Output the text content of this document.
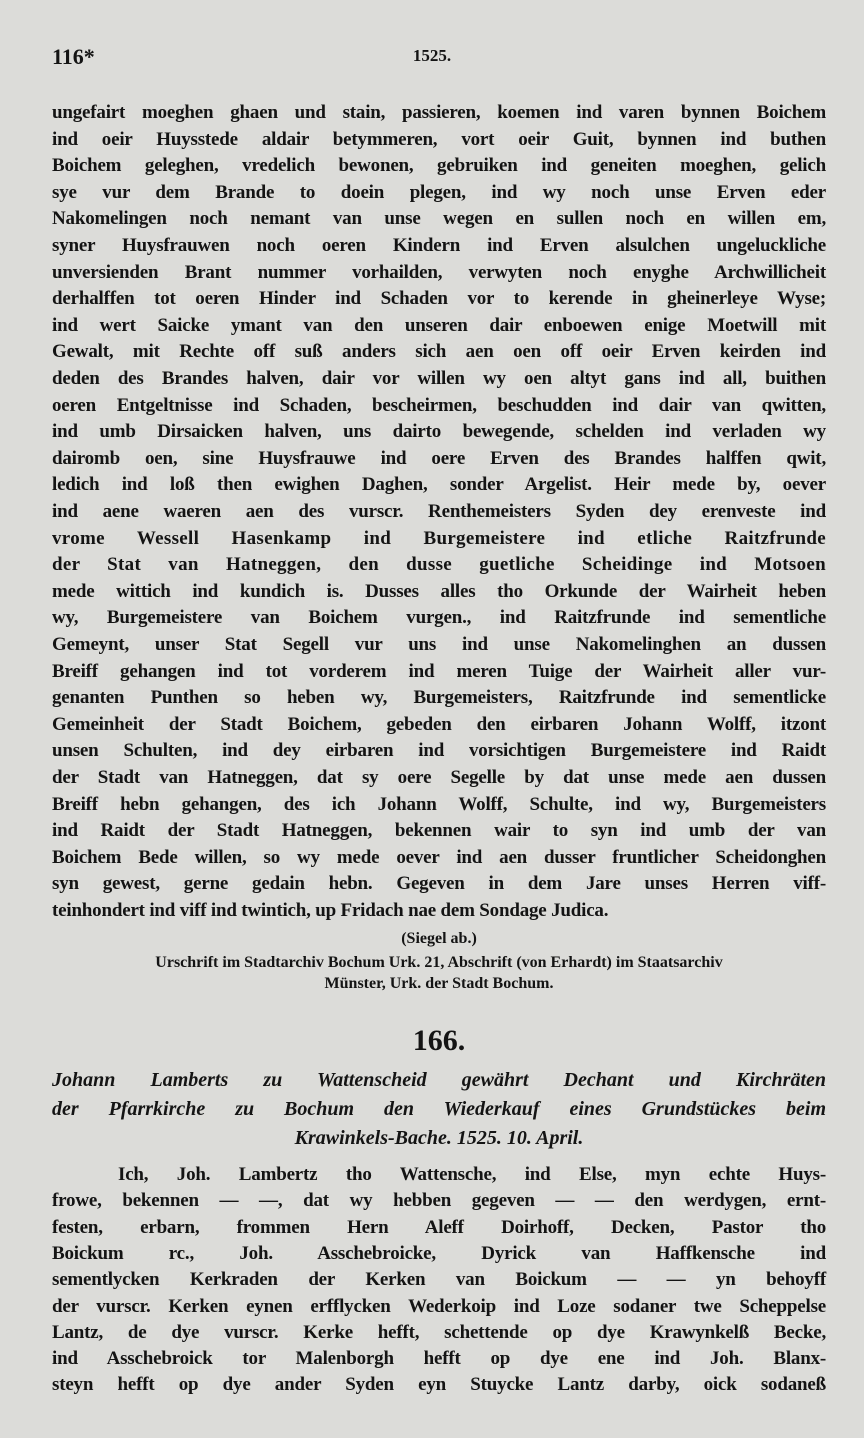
116*	1525.
ungefairt moeghen ghaen und stain, passieren, koemen ind varen bynnen Boichem
ind oeir Huysstede aldair betymmeren, vort oeir Guit, bynnen ind buthen
Boichem geleghen, vredelich bewonen, gebruiken ind geneiten moeghen, gelich
sye vur dem Brande to doein plegen, ind wy noch unse Erven eder
Nakomelingen noch nemant van unse wegen en sullen noch en willen em,
syner Huysfrauwen noch oeren Kindern ind Erven alsulchen ungeluckliche
unversienden Brant nummer vorhailden, verwyten noch enyghe Archwillicheit
derhalffen tot oeren Hinder ind Schaden vor to kerende in gheinerleye Wyse;
ind wert Saicke ymant van den unseren dair enboewen enige Moetwill mit
Gewalt, mit Rechte off suß anders sich aen oen off oeir Erven keirden ind
deden des Brandes halven, dair vor willen wy oen altyt gans ind all, buithen
oeren Entgeltnisse ind Schaden, bescheirmen, beschudden ind dair van qwitten,
ind umb Dirsaicken halven, uns dairto bewegende, schelden ind verladen wy
dairomb oen, sine Huysfrauwe ind oere Erven des Brandes halffen qwit,
ledich ind loß then ewighen Daghen, sonder Argelist. Heir mede by, oever
ind aene waeren aen des vurscr. Renthemeisters Syden dey erenveste ind
vrome Wessell Hasenkamp ind Burgemeistere ind etliche Raitzfrunde
der Stat van Hatneggen, den dusse guetliche Scheidinge ind Motsoen
mede wittich ind kundich is. Dusses alles tho Orkunde der Wairheit heben
wy, Burgemeistere van Boichem vurgen., ind Raitzfrunde ind sementliche
Gemeynt, unser Stat Segell vur uns ind unse Nakomelinghen an dussen
Breiff gehangen ind tot vorderem ind meren Tuige der Wairheit aller vur-
genanten Punthen so heben wy, Burgemeisters, Raitzfrunde ind sementlicke
Gemeinheit der Stadt Boichem, gebeden den eirbaren Johann Wolff, itzont
unsen Schulten, ind dey eirbaren ind vorsichtigen Burgemeistere ind Raidt
der Stadt van Hatneggen, dat sy oere Segelle by dat unse mede aen dussen
Breiff hebn gehangen, des ich Johann Wolff, Schulte, ind wy, Burgemeisters
ind Raidt der Stadt Hatneggen, bekennen wair to syn ind umb der van
Boichem Bede willen, so wy mede oever ind aen dusser fruntlicher Scheidonghen
syn gewest, gerne gedain hebn. Gegeven in dem Jare unses Herren viff-
teinhondert ind viff ind twintich, up Fridach nae dem Sondage Judica.
(Siegel ab.)
Urschrift im Stadtarchiv Bochum Urk. 21, Abschrift (von Erhardt) im Staatsarchiv
Münster, Urk. der Stadt Bochum.
166.
Johann Lamberts zu Wattenscheid gewährt Dechant und Kirchräten
der Pfarrkirche zu Bochum den Wiederkauf eines Grundstückes beim
Krawinkels-Bache. 1525. 10. April.
Ich, Joh. Lambertz tho Wattensche, ind Else, myn echte Huys-
frowe, bekennen — —, dat wy hebben gegeven — — den werdygen, ernt-
festen, erbarn, frommen Hern Aleff Doirhoff, Decken, Pastor tho
Boickum rc., Joh. Asschebroicke, Dyrick van Haffkensche ind
sementlycken Kerkraden der Kerken van Boickum — — yn behoyff
der vurscr. Kerken eynen erfflycken Wederkoip ind Loze sodaner twe Scheppelse
Lantz, de dye vurscr. Kerke hefft, schettende op dye Krawynkelß Becke,
ind Asschebroick tor Malenborgh hefft op dye ene ind Joh. Blanx-
steyn hefft op dye ander Syden eyn Stuycke Lantz darby, oick sodaneß
